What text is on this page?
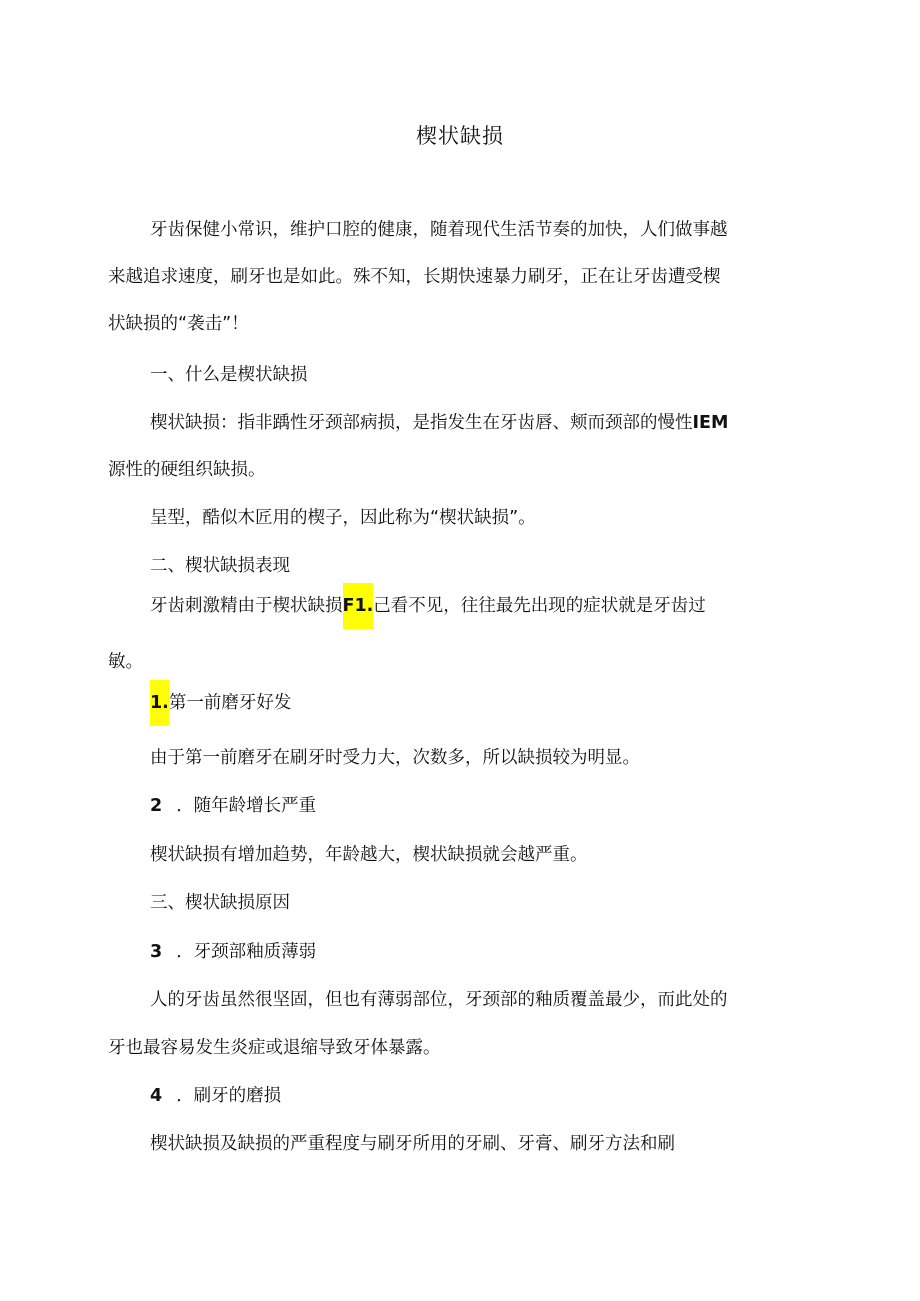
楔状缺损
牙齿保健小常识，维护口腔的健康，随着现代生活节奏的加快，人们做事越
来越追求速度，刷牙也是如此。殊不知，长期快速暴力刷牙，正在让牙齿遭受楔
状缺损的“袭击”！
一、什么是楔状缺损
楔状缺损：指非踽性牙颈部病损，是指发生在牙齿唇、颊而颈部的慢性IEM
源性的硬组织缺损。
呈型，酷似木匠用的楔子，因此称为“楔状缺损”。
二、楔状缺损表现
牙齿刺激精由于楔状缺损F1.己看不见，往往最先出现的症状就是牙齿过
敏。
1.第一前磨牙好发
由于第一前磨牙在刷牙时受力大，次数多，所以缺损较为明显。
2 ．随年龄增长严重
楔状缺损有增加趋势，年龄越大，楔状缺损就会越严重。
三、楔状缺损原因
3 ．牙颈部釉质薄弱
人的牙齿虽然很坚固，但也有薄弱部位，牙颈部的釉质覆盖最少，而此处的
牙也最容易发生炎症或退缩导致牙体暴露。
4 ．刷牙的磨损
楔状缺损及缺损的严重程度与刷牙所用的牙刷、牙膏、刷牙方法和刷
